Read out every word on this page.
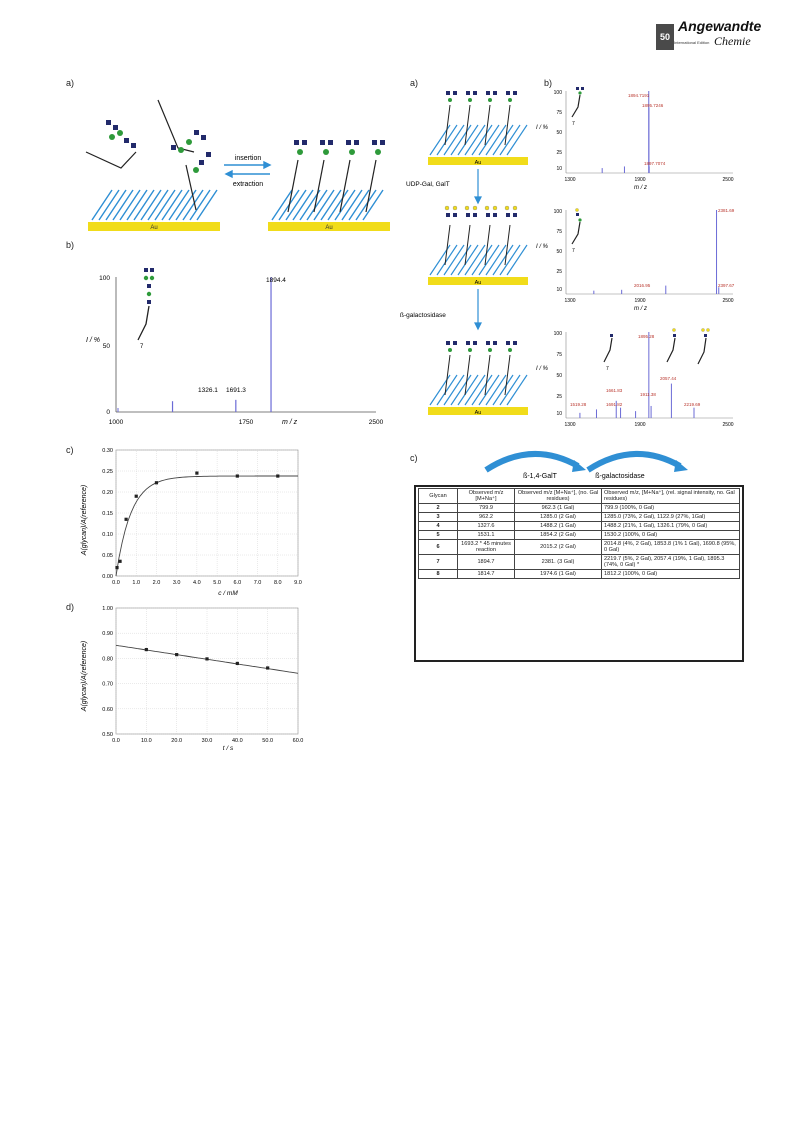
50
Angewandte
International Edition Chemie
a)
Au
insertion
extraction
Au
b)
100
50
0
1000	1750	2500
m / z
I / %
7
1894.4
1326.1 1691.3
c)
0.00
0.05
0.10
0.15
0.20
0.25
0.30
0.0 1.0 2.0 3.0 4.0 5.0 6.0 7.0 8.0 9.0
A(glycan)/A(reference)
c / mM
d)
0.50
0.60
0.70
0.80
0.90
1.00
0.0	10.0	20.0	30.0	40.0	50.0	60.0
A(glycan)/A(reference)
t / s
a)	b)
Au
UDP-Gal, GalT
Au
ß-galactosidase
Au
100
75
50
25
10
1300	1900	2500
m / z
I / %
1894.7191
1895.7246
1897.7074
7
100
75
50
25
10
1300	1900	2500
m / z
I / %
2381.69
2016.95	2397.67
7
100
75
50
25
10
1300	1900	2500
I / %
1895.28
1661.83
1519.28	1691.82
1911.38
2057.44
2219.69
7
c)
ß-1,4-GalT	ß-galactosidase
Glycan	Observed m/z [M+Na⁺]	Observed m/z [M+Na⁺], (no. Gal residues)	Observed m/z, [M+Na⁺], (rel. signal intensity, no. Gal residues)
2	799.9	962.3 (1 Gal)	799.9 (100%, 0 Gal)
3	962.2	1285.0 (2 Gal)	1285.0 (73%, 2 Gal), 1122.9 (27%, 1Gal)
4	1327.6	1488.2 (1 Gal)	1488.2 (21%, 1 Gal), 1326.1 (79%, 0 Gal)
5	1531.1	1854.2 (2 Gal)	1530.2 (100%, 0 Gal)
6	1693.2 * 45 minutes reaction	2015.2 (2 Gal)	2014.8 (4%, 2 Gal), 1853.8 (1% 1 Gal), 1690.8 (95%, 0 Gal)
7	1894.7	2381. (3 Gal)	2219.7 (5%, 2 Gal), 2057.4 (19%, 1 Gal), 1895.3 (74%, 0 Gal) *
8	1814.7	1974.6 (1 Gal)	1812.2 (100%, 0 Gal)
